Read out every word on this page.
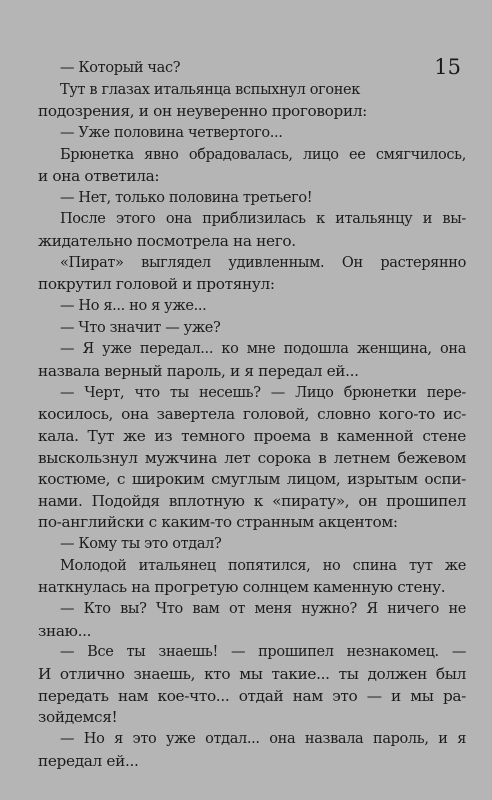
15

— Который час?
Тут в глазах итальянца вспыхнул огонек
подозрения, и он неуверенно проговорил:
— Уже половина четвертого...
Брюнетка явно обрадовалась, лицо ее смягчилось,
и она ответила:
— Нет, только половина третьего!
После этого она приблизилась к итальянцу и вы-
жидательно посмотрела на него.
«Пират» выглядел удивленным. Он растерянно
покрутил головой и протянул:
— Но я... но я уже...
— Что значит — уже?
— Я уже передал... ко мне подошла женщина, она
назвала верный пароль, и я передал ей...
— Черт, что ты несешь? — Лицо брюнетки пере-
косилось, она завертела головой, словно кого-то ис-
кала. Тут же из темного проема в каменной стене
выскользнул мужчина лет сорока в летнем бежевом
костюме, с широким смуглым лицом, изрытым оспи-
нами. Подойдя вплотную к «пирату», он прошипел
по-английски с каким-то странным акцентом:
— Кому ты это отдал?
Молодой итальянец попятился, но спина тут же
наткнулась на прогретую солнцем каменную стену.
— Кто вы? Что вам от меня нужно? Я ничего не
знаю...
— Все ты знаешь! — прошипел незнакомец. —
И отлично знаешь, кто мы такие... ты должен был
передать нам кое-что... отдай нам это — и мы ра-
зойдемся!
— Но я это уже отдал... она назвала пароль, и я
передал ей...
